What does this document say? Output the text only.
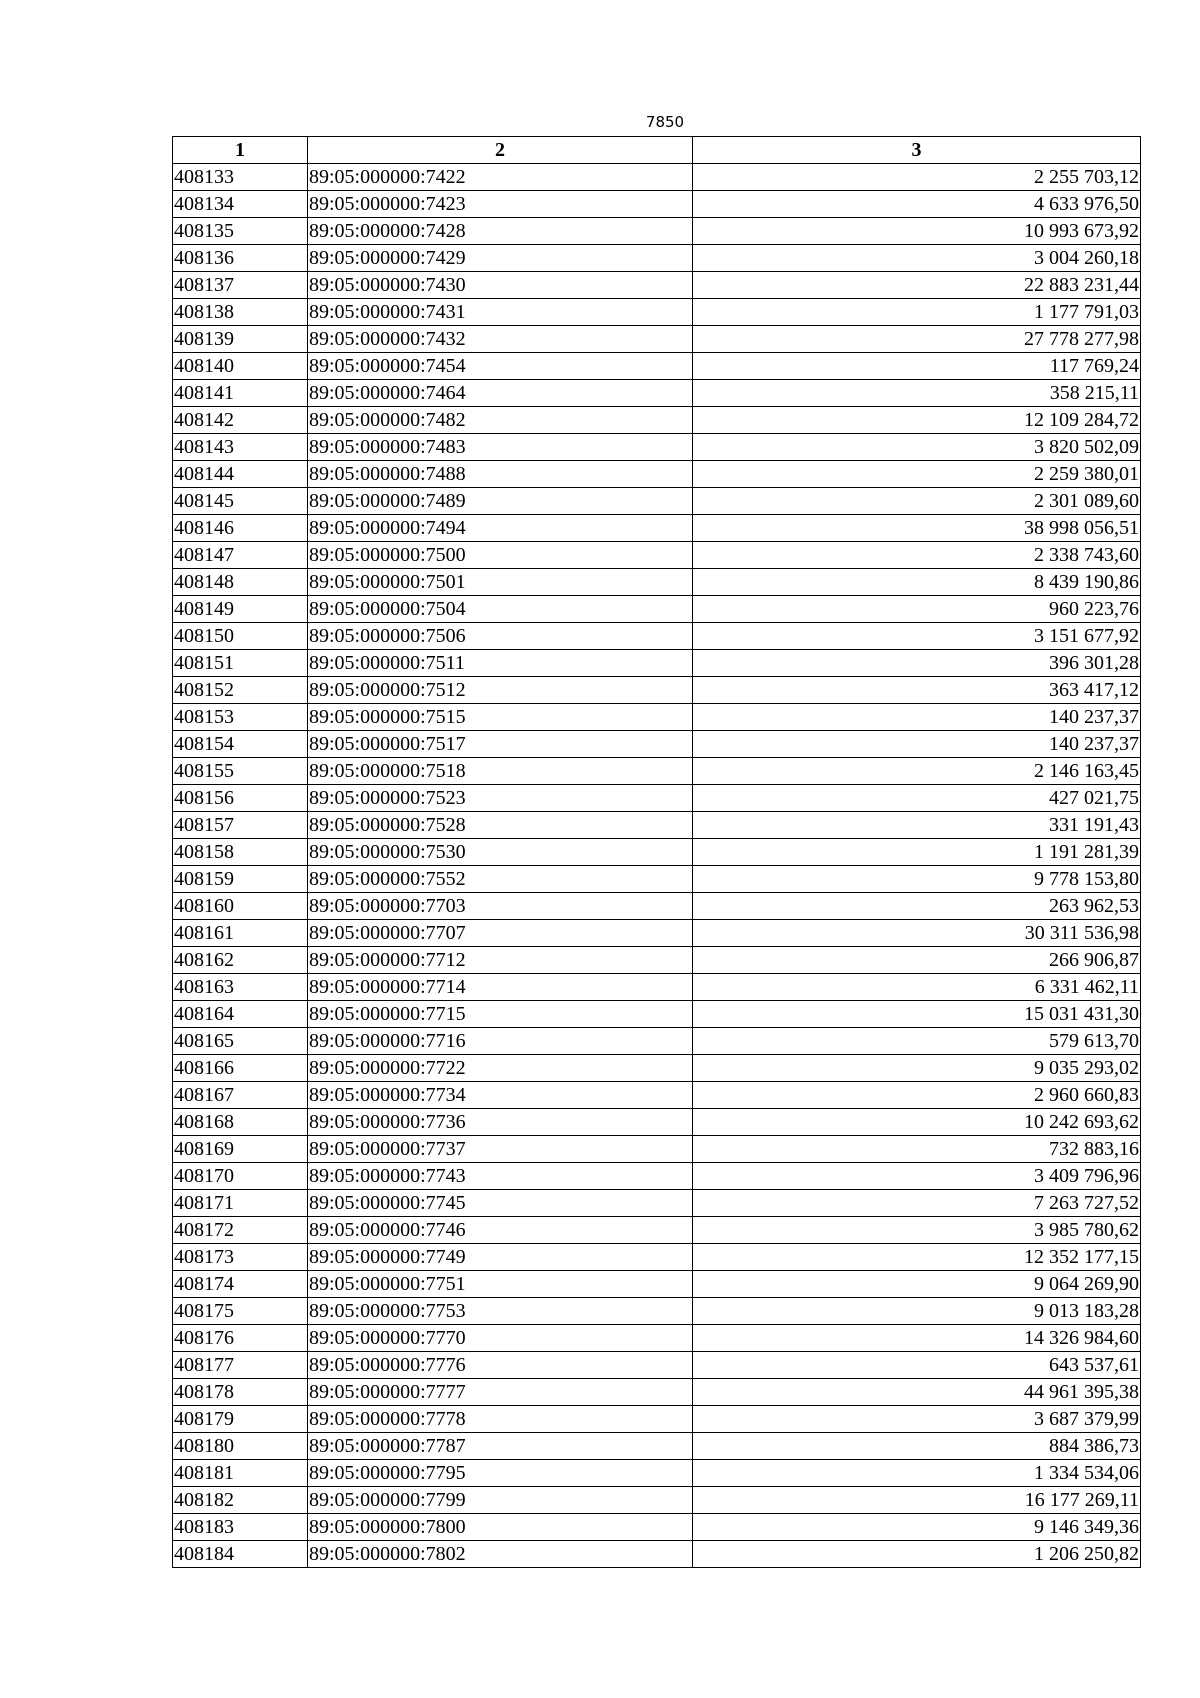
7850
1	2	3
408133	89:05:000000:7422	2 255 703,12
408134	89:05:000000:7423	4 633 976,50
408135	89:05:000000:7428	10 993 673,92
408136	89:05:000000:7429	3 004 260,18
408137	89:05:000000:7430	22 883 231,44
408138	89:05:000000:7431	1 177 791,03
408139	89:05:000000:7432	27 778 277,98
408140	89:05:000000:7454	117 769,24
408141	89:05:000000:7464	358 215,11
408142	89:05:000000:7482	12 109 284,72
408143	89:05:000000:7483	3 820 502,09
408144	89:05:000000:7488	2 259 380,01
408145	89:05:000000:7489	2 301 089,60
408146	89:05:000000:7494	38 998 056,51
408147	89:05:000000:7500	2 338 743,60
408148	89:05:000000:7501	8 439 190,86
408149	89:05:000000:7504	960 223,76
408150	89:05:000000:7506	3 151 677,92
408151	89:05:000000:7511	396 301,28
408152	89:05:000000:7512	363 417,12
408153	89:05:000000:7515	140 237,37
408154	89:05:000000:7517	140 237,37
408155	89:05:000000:7518	2 146 163,45
408156	89:05:000000:7523	427 021,75
408157	89:05:000000:7528	331 191,43
408158	89:05:000000:7530	1 191 281,39
408159	89:05:000000:7552	9 778 153,80
408160	89:05:000000:7703	263 962,53
408161	89:05:000000:7707	30 311 536,98
408162	89:05:000000:7712	266 906,87
408163	89:05:000000:7714	6 331 462,11
408164	89:05:000000:7715	15 031 431,30
408165	89:05:000000:7716	579 613,70
408166	89:05:000000:7722	9 035 293,02
408167	89:05:000000:7734	2 960 660,83
408168	89:05:000000:7736	10 242 693,62
408169	89:05:000000:7737	732 883,16
408170	89:05:000000:7743	3 409 796,96
408171	89:05:000000:7745	7 263 727,52
408172	89:05:000000:7746	3 985 780,62
408173	89:05:000000:7749	12 352 177,15
408174	89:05:000000:7751	9 064 269,90
408175	89:05:000000:7753	9 013 183,28
408176	89:05:000000:7770	14 326 984,60
408177	89:05:000000:7776	643 537,61
408178	89:05:000000:7777	44 961 395,38
408179	89:05:000000:7778	3 687 379,99
408180	89:05:000000:7787	884 386,73
408181	89:05:000000:7795	1 334 534,06
408182	89:05:000000:7799	16 177 269,11
408183	89:05:000000:7800	9 146 349,36
408184	89:05:000000:7802	1 206 250,82
